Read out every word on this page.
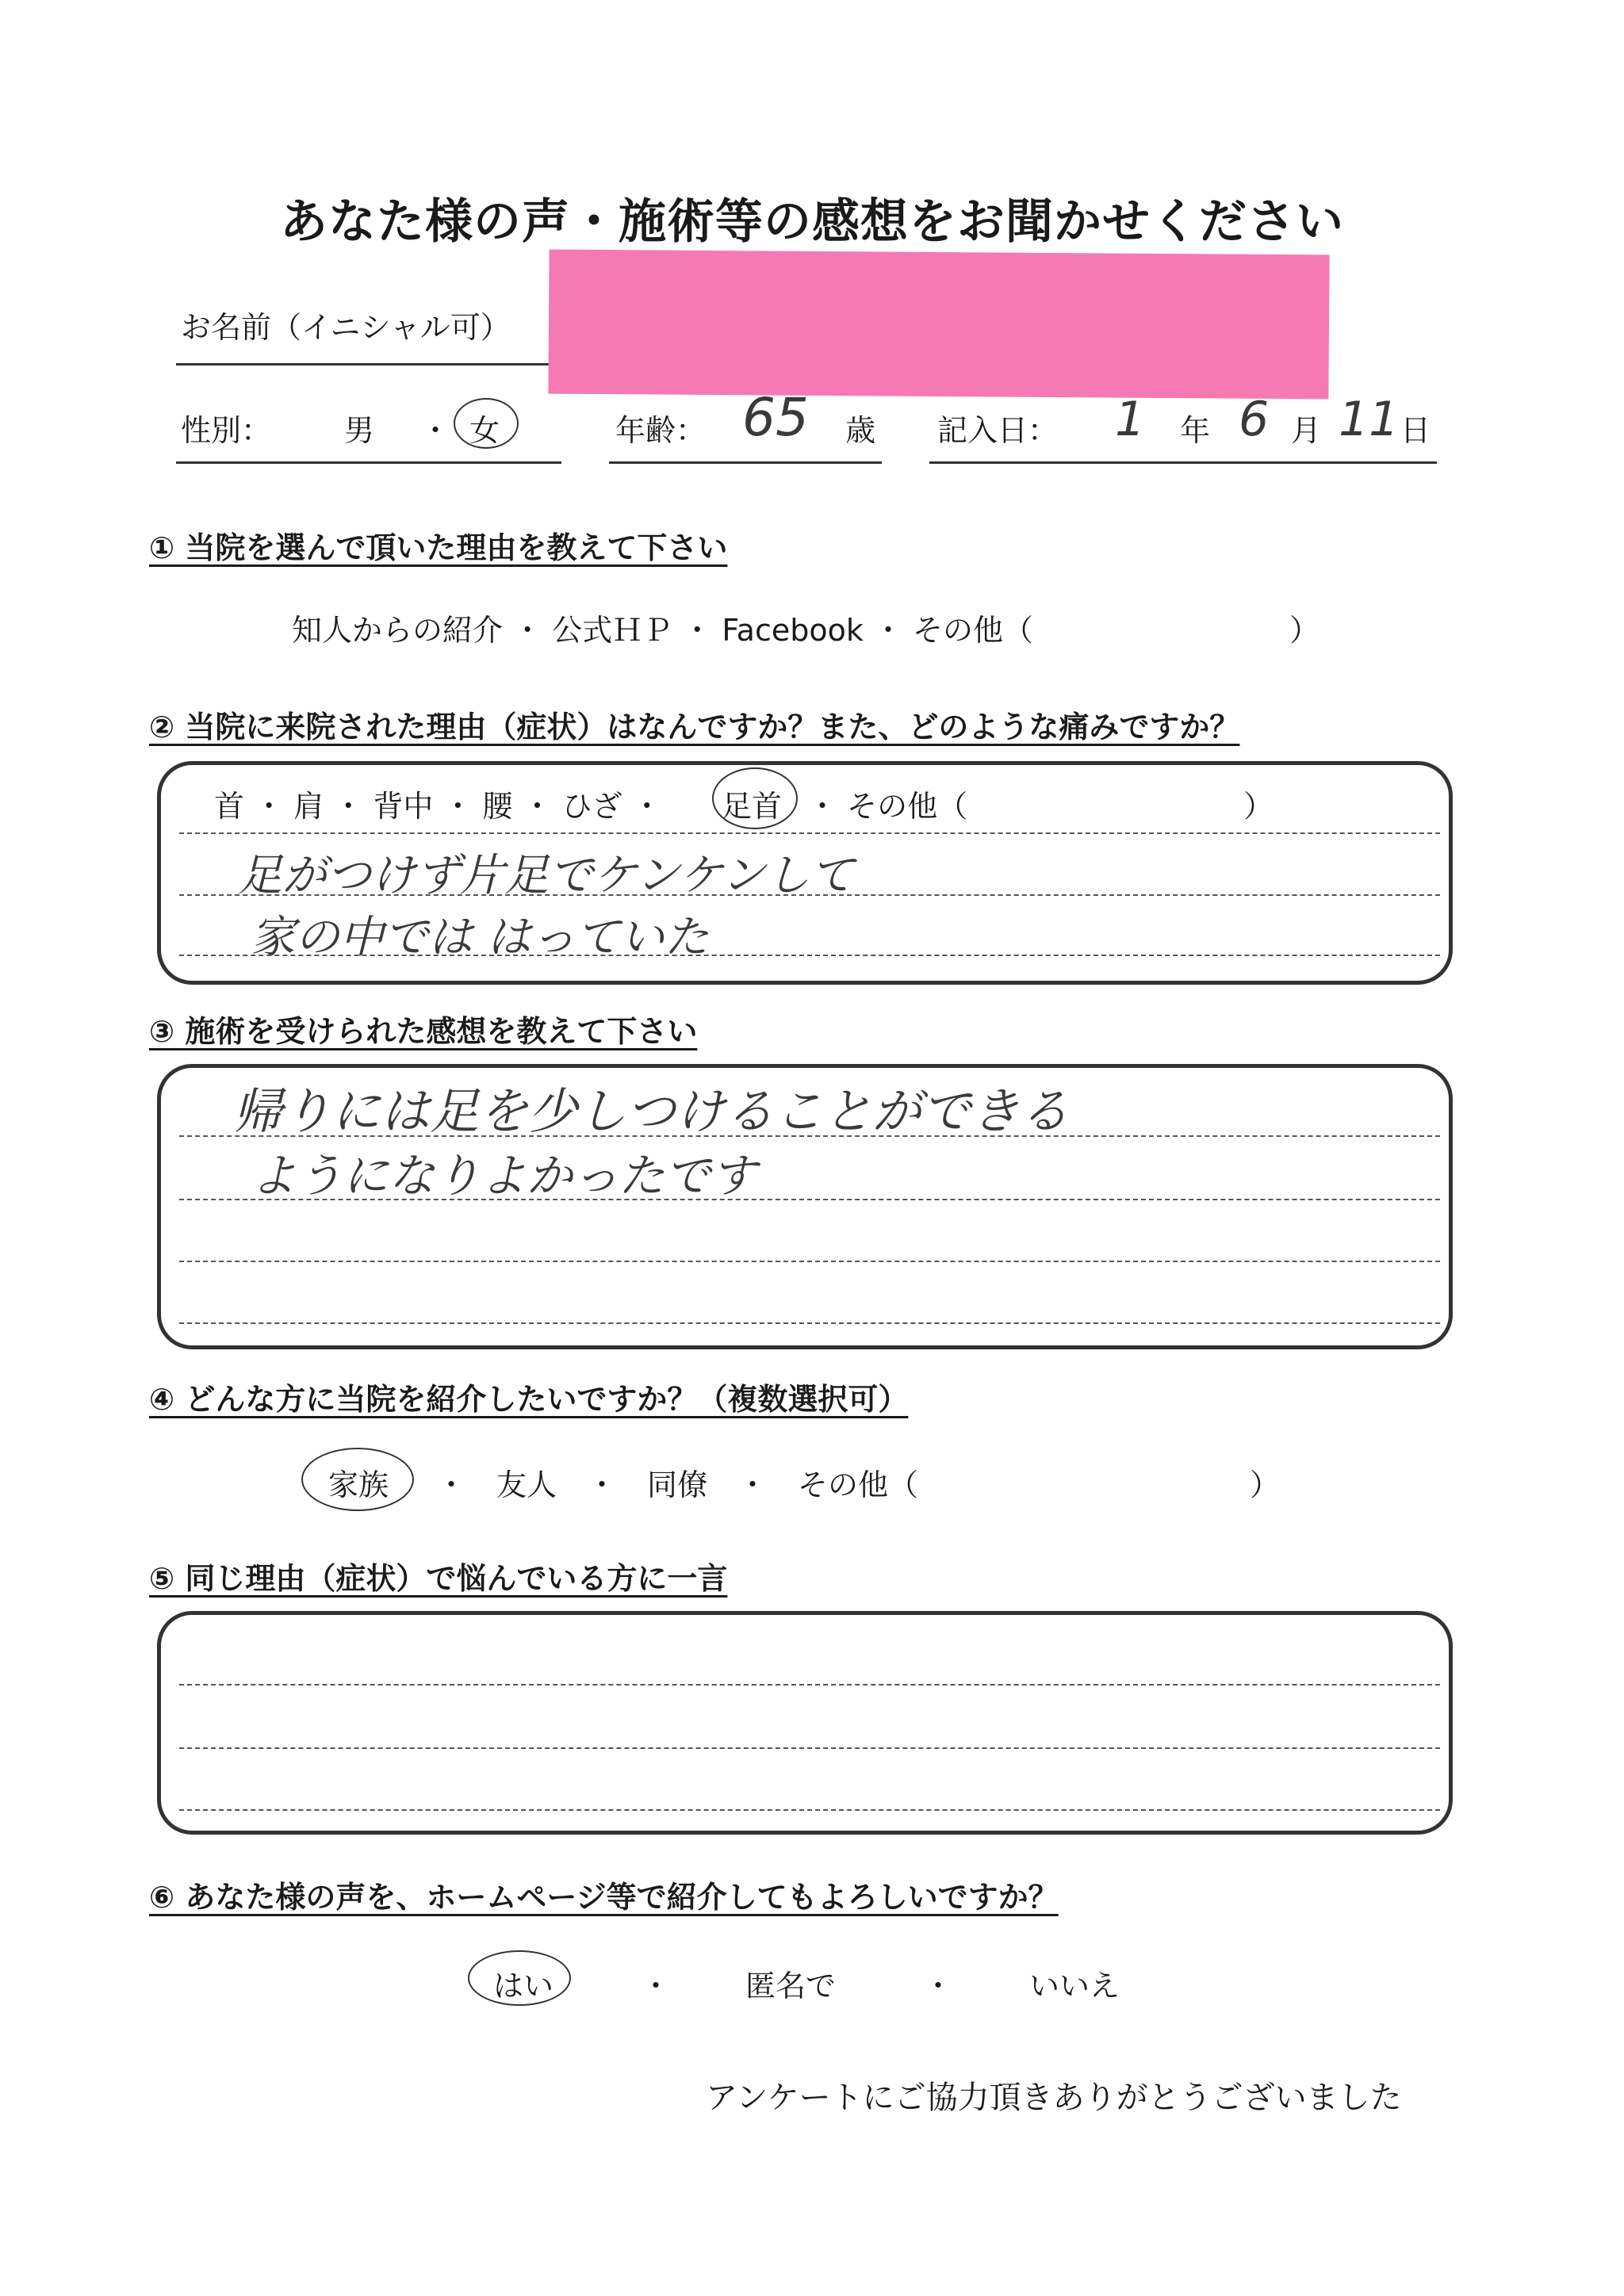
あなた様の声・施術等の感想をお聞かせください
お名前（イニシャル可）
性別： 男 ・ 女	年齢： 65 歳 記入日： 1 年 6 月 11 日
① 当院を選んで頂いた理由を教えて下さい
知人からの紹介 ・ 公式ＨＰ ・ Facebook ・ その他（	）
② 当院に来院された理由（症状）はなんですか？また、どのような痛みですか？
首 ・ 肩 ・ 背中 ・ 腰 ・ ひざ ・ 足首 ・ その他（	）
足がつけず片足でケンケンして
家の中では はっていた
③ 施術を受けられた感想を教えて下さい
帰りには足を少しつけることができる
ようになりよかったです
④ どんな方に当院を紹介したいですか？（複数選択可）
家族 ・　友人　・　同僚　・　その他（	）
⑤ 同じ理由（症状）で悩んでいる方に一言
⑥ あなた様の声を、ホームページ等で紹介してもよろしいですか？
はい	・ 匿名で	・	いいえ
アンケートにご協力頂きありがとうございました
